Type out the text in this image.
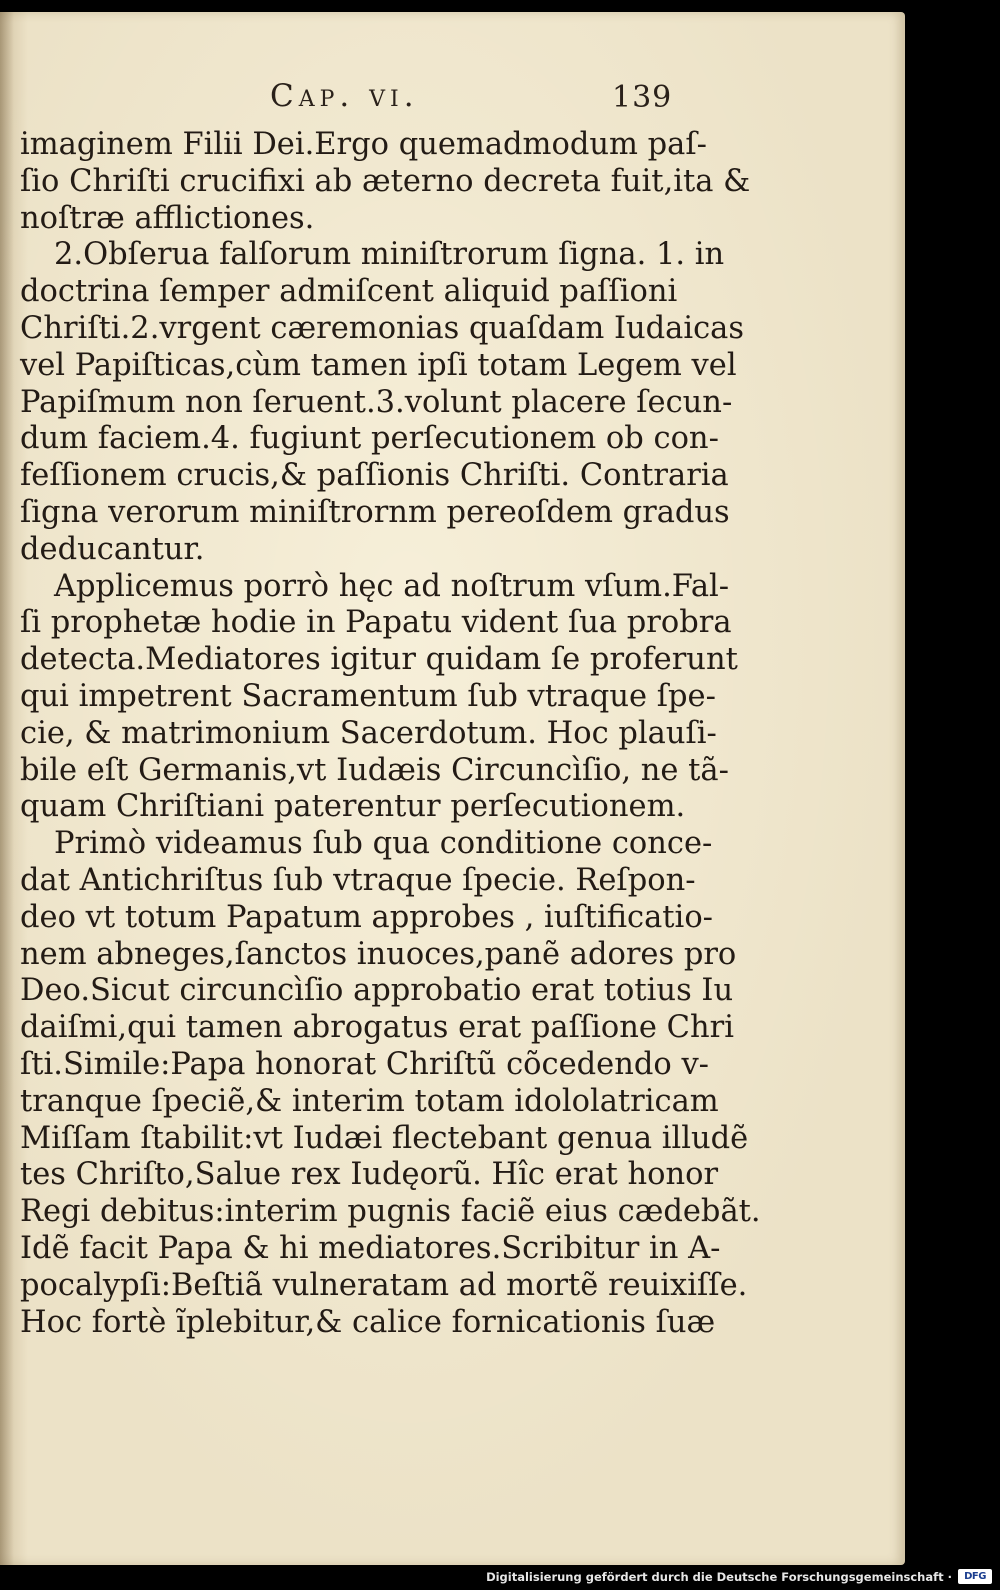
Cap. vi.	139
imaginem Filii Dei.Ergo quemadmodum paſ-
ſio Chriſti crucifixi ab æterno decreta fuit,ita &
noſtræ afflictiones.
2.Obſerua falſorum miniſtrorum ſigna. 1. in
doctrina ſemper admiſcent aliquid paſſioni
Chriſti.2.vrgent cæremonias quaſdam Iudaicas
vel Papiſticas,cùm tamen ipſi totam Legem vel
Papiſmum non ſeruent.3.volunt placere ſecun-
dum faciem.4. fugiunt perſecutionem ob con-
feſſionem crucis,& paſſionis Chriſti. Contraria
ſigna verorum miniſtrornm pereoſdem gradus
deducantur.
Applicemus porrò hęc ad noſtrum vſum.Fal-
ſi prophetæ hodie in Papatu vident ſua probra
detecta.Mediatores igitur quidam ſe proferunt
qui impetrent Sacramentum ſub vtraque ſpe-
cie, & matrimonium Sacerdotum. Hoc plauſi-
bile eſt Germanis,vt Iudæis Circuncìſio, ne tã-
quam Chriſtiani paterentur perſecutionem.
Primò videamus ſub qua conditione conce-
dat Antichriſtus ſub vtraque ſpecie. Reſpon-
deo vt totum Papatum approbes , iuſtificatio-
nem abneges,ſanctos inuoces,panẽ adores pro
Deo.Sicut circuncìſio approbatio erat totius Iu
daiſmi,qui tamen abrogatus erat paſſione Chri
ſti.Simile:Papa honorat Chriſtũ cõcedendo v-
tranque ſpeciẽ,& interim totam idololatricam
Miſſam ſtabilit:vt Iudæi flectebant genua illudẽ
tes Chriſto,Salue rex Iudęorũ. Hîc erat honor
Regi debitus:interim pugnis faciẽ eius cædebãt.
Idẽ facit Papa & hi mediatores.Scribitur in A-
pocalypſi:Beſtiã vulneratam ad mortẽ reuixiſſe.
Hoc fortè ĩplebitur,& calice fornicationis ſuæ
Digitalisierung gefördert durch die Deutsche Forschungsgemeinschaft ·	DFG
